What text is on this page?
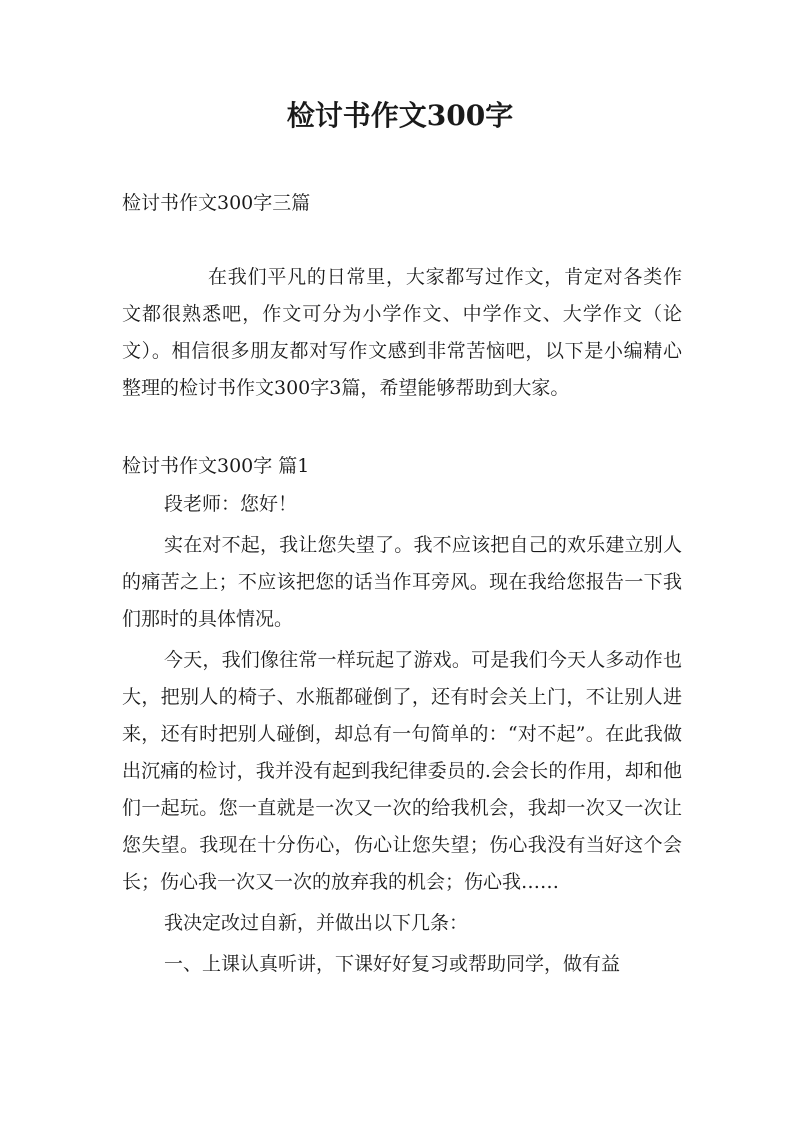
检讨书作文300字

检讨书作文300字三篇

在我们平凡的日常里，大家都写过作文，肯定对各类作文都很熟悉吧，作文可分为小学作文、中学作文、大学作文（论文）。相信很多朋友都对写作文感到非常苦恼吧，以下是小编精心整理的检讨书作文300字3篇，希望能够帮助到大家。

检讨书作文300字 篇1

段老师：您好！

实在对不起，我让您失望了。我不应该把自己的欢乐建立别人的痛苦之上；不应该把您的话当作耳旁风。现在我给您报告一下我们那时的具体情况。

今天，我们像往常一样玩起了游戏。可是我们今天人多动作也大，把别人的椅子、水瓶都碰倒了，还有时会关上门，不让别人进来，还有时把别人碰倒，却总有一句简单的：“对不起”。在此我做出沉痛的检讨，我并没有起到我纪律委员的.会会长的作用，却和他们一起玩。您一直就是一次又一次的给我机会，我却一次又一次让您失望。我现在十分伤心，伤心让您失望；伤心我没有当好这个会长；伤心我一次又一次的放弃我的机会；伤心我……

我决定改过自新，并做出以下几条：

一、上课认真听讲，下课好好复习或帮助同学，做有益
